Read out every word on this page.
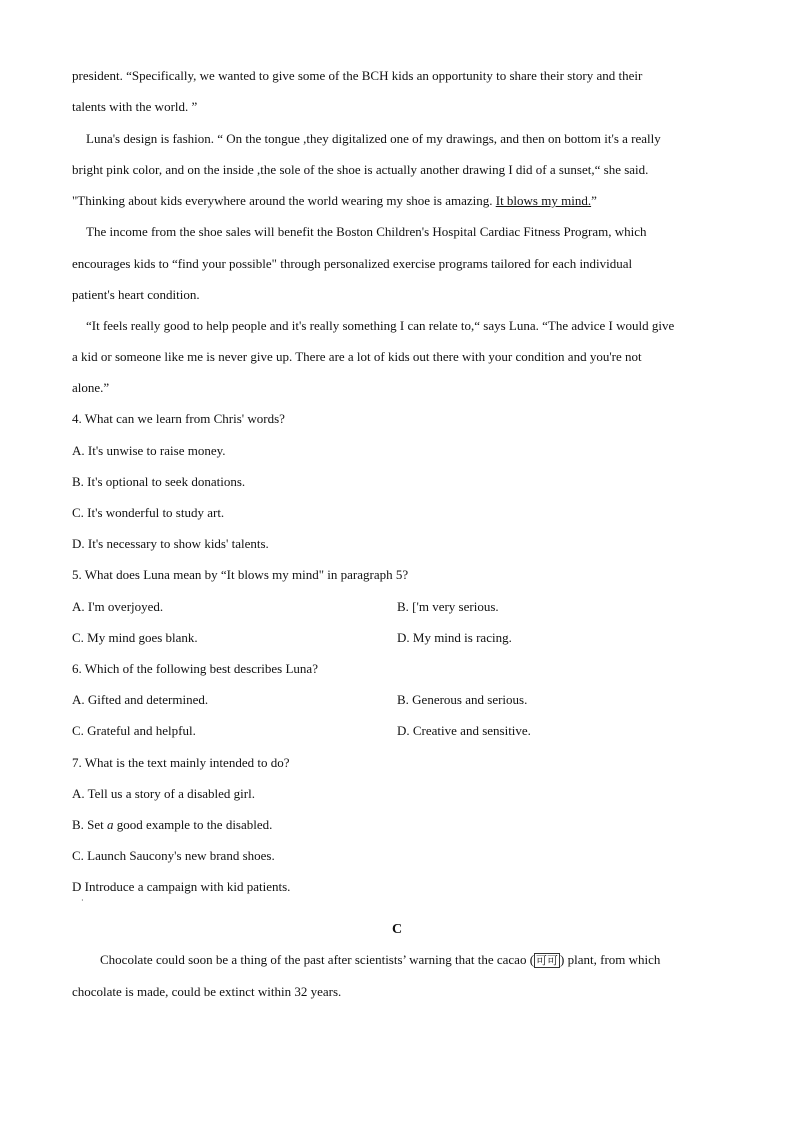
president. “Specifically, we wanted to give some of the BCH kids an opportunity to share their story and their
talents with the world. ”
Luna's design is fashion. “ On the tongue ,they digitalized one of my drawings, and then on bottom it's a really
bright pink color, and on the inside ,the sole of the shoe is actually another drawing I did of a sunset,“ she said.
"Thinking about kids everywhere around the world wearing my shoe is amazing. It blows my mind.”
The income from the shoe sales will benefit the Boston Children's Hospital Cardiac Fitness Program, which
encourages kids to “find your possible" through personalized exercise programs tailored for each individual
patient's heart condition.
“It feels really good to help people and it's really something I can relate to,“ says Luna. “The advice I would give
a kid or someone like me is never give up. There are a lot of kids out there with your condition and you're not
alone.”
4. What can we learn from Chris' words?
A. It's unwise to raise money.
B. It's optional to seek donations.
C. It's wonderful to study art.
D. It's necessary to show kids' talents.
5. What does Luna mean by “It blows my mind" in paragraph 5?
A. I'm overjoyed.	B. ['m very serious.
C. My mind goes blank.	D. My mind is racing.
6. Which of the following best describes Luna?
A. Gifted and determined.	B. Generous and serious.
C. Grateful and helpful.	D. Creative and sensitive.
7. What is the text mainly intended to do?
A. Tell us a story of a disabled girl.
B. Set a good example to the disabled.
C. Launch Saucony's new brand shoes.
D Introduce a campaign with kid patients.
·
C
Chocolate could soon be a thing of the past after scientists’ warning that the cacao ( 可可 ) plant, from which
chocolate is made, could be extinct within 32 years.
